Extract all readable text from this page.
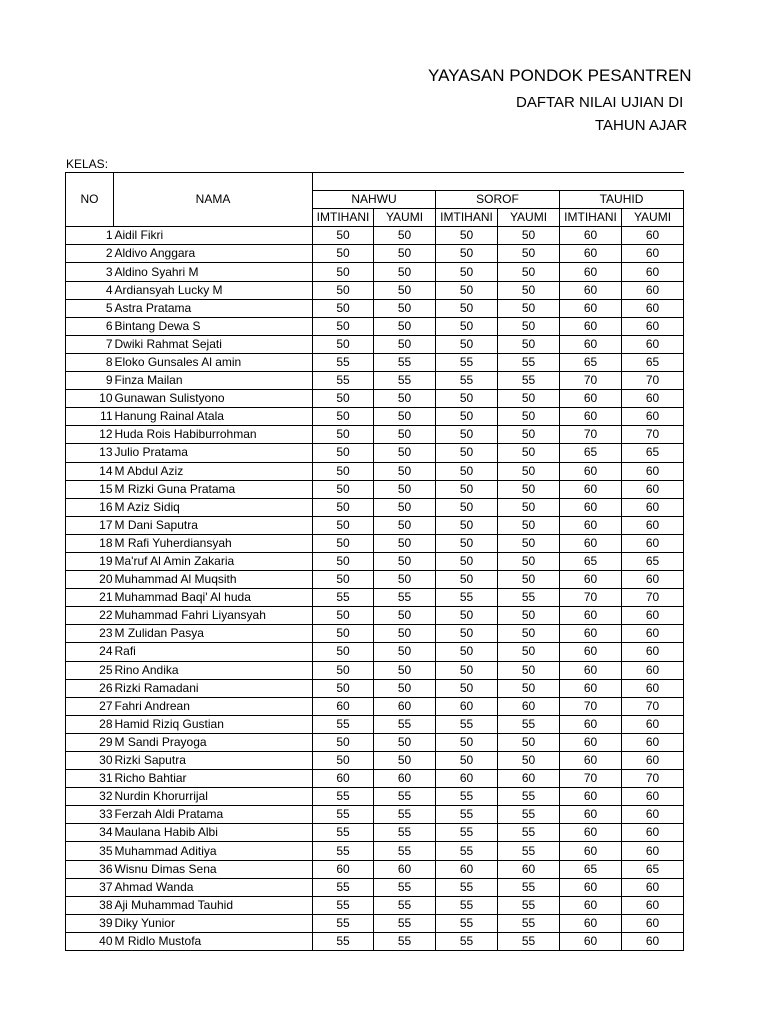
YAYASAN PONDOK PESANTREN
DAFTAR NILAI UJIAN DI
TAHUN AJAR
KELAS:
NO	NAMA						
		NAHWU		SOROF		TAUHID	
		IMTIHANI	YAUMI	IMTIHANI	YAUMI	IMTIHANI	YAUMI
1	Aidil Fikri	50	50	50	50	60	60
2	Aldivo Anggara	50	50	50	50	60	60
3	Aldino Syahri M	50	50	50	50	60	60
4	Ardiansyah Lucky M	50	50	50	50	60	60
5	Astra Pratama	50	50	50	50	60	60
6	Bintang Dewa S	50	50	50	50	60	60
7	Dwiki Rahmat Sejati	50	50	50	50	60	60
8	Eloko Gunsales Al amin	55	55	55	55	65	65
9	Finza Mailan	55	55	55	55	70	70
10	Gunawan Sulistyono	50	50	50	50	60	60
11	Hanung Rainal Atala	50	50	50	50	60	60
12	Huda Rois Habiburrohman	50	50	50	50	70	70
13	Julio Pratama	50	50	50	50	65	65
14	M Abdul Aziz	50	50	50	50	60	60
15	M Rizki Guna Pratama	50	50	50	50	60	60
16	M Aziz Sidiq	50	50	50	50	60	60
17	M Dani Saputra	50	50	50	50	60	60
18	M Rafi Yuherdiansyah	50	50	50	50	60	60
19	Ma'ruf Al Amin Zakaria	50	50	50	50	65	65
20	Muhammad Al Muqsith	50	50	50	50	60	60
21	Muhammad Baqi' Al huda	55	55	55	55	70	70
22	Muhammad Fahri Liyansyah	50	50	50	50	60	60
23	M Zulidan Pasya	50	50	50	50	60	60
24	Rafi	50	50	50	50	60	60
25	Rino Andika	50	50	50	50	60	60
26	Rizki Ramadani	50	50	50	50	60	60
27	Fahri Andrean	60	60	60	60	70	70
28	Hamid Riziq Gustian	55	55	55	55	60	60
29	M Sandi Prayoga	50	50	50	50	60	60
30	Rizki Saputra	50	50	50	50	60	60
31	Richo Bahtiar	60	60	60	60	70	70
32	Nurdin Khorurrijal	55	55	55	55	60	60
33	Ferzah Aldi Pratama	55	55	55	55	60	60
34	Maulana Habib Albi	55	55	55	55	60	60
35	Muhammad Aditiya	55	55	55	55	60	60
36	Wisnu Dimas Sena	60	60	60	60	65	65
37	Ahmad Wanda	55	55	55	55	60	60
38	Aji Muhammad Tauhid	55	55	55	55	60	60
39	Diky Yunior	55	55	55	55	60	60
40	M Ridlo Mustofa	55	55	55	55	60	60
